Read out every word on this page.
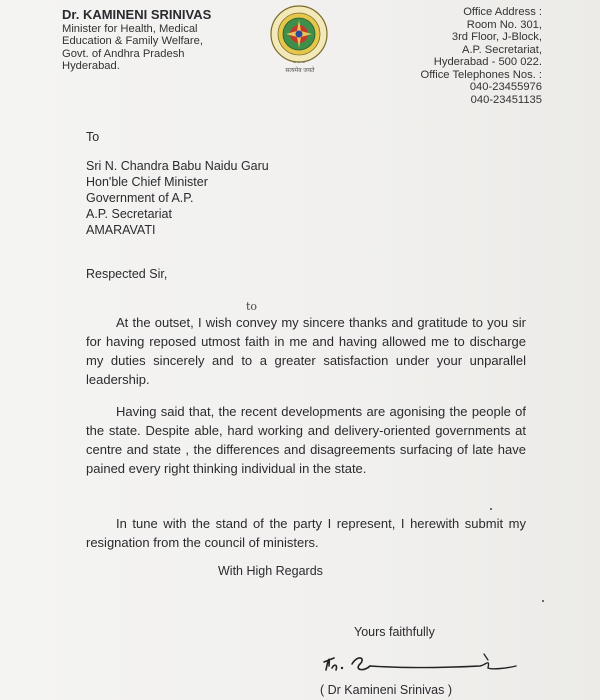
Dr. KAMINENI SRINIVAS
Minister for Health, Medical
Education & Family Welfare,
Govt. of Andhra Pradesh
Hyderabad.	~ ~ ~
सत्यमेव जयते
Office Address :
Room No. 301,
3rd Floor, J-Block,
A.P. Secretariat,
Hyderabad - 500 022.
Office Telephones Nos. :
040-23455976
040-23451135
To
Sri N. Chandra Babu Naidu Garu
Hon'ble Chief Minister
Government of A.P.
A.P. Secretariat
AMARAVATI
Respected Sir,
to

At the outset, I wish convey my sincere thanks and gratitude to you sir for having reposed utmost faith in me and having allowed me to discharge my duties sincerely and to a greater satisfaction under your unparallel leadership.

Having said that, the recent developments are agonising the people of the state. Despite able, hard working and delivery-oriented governments at centre and state , the differences and disagreements surfacing of late have pained every right thinking individual in the state.

In tune with the stand of the party I represent, I herewith submit my resignation from the council of ministers.

With High Regards
Yours faithfully
( Dr Kamineni Srinivas )
